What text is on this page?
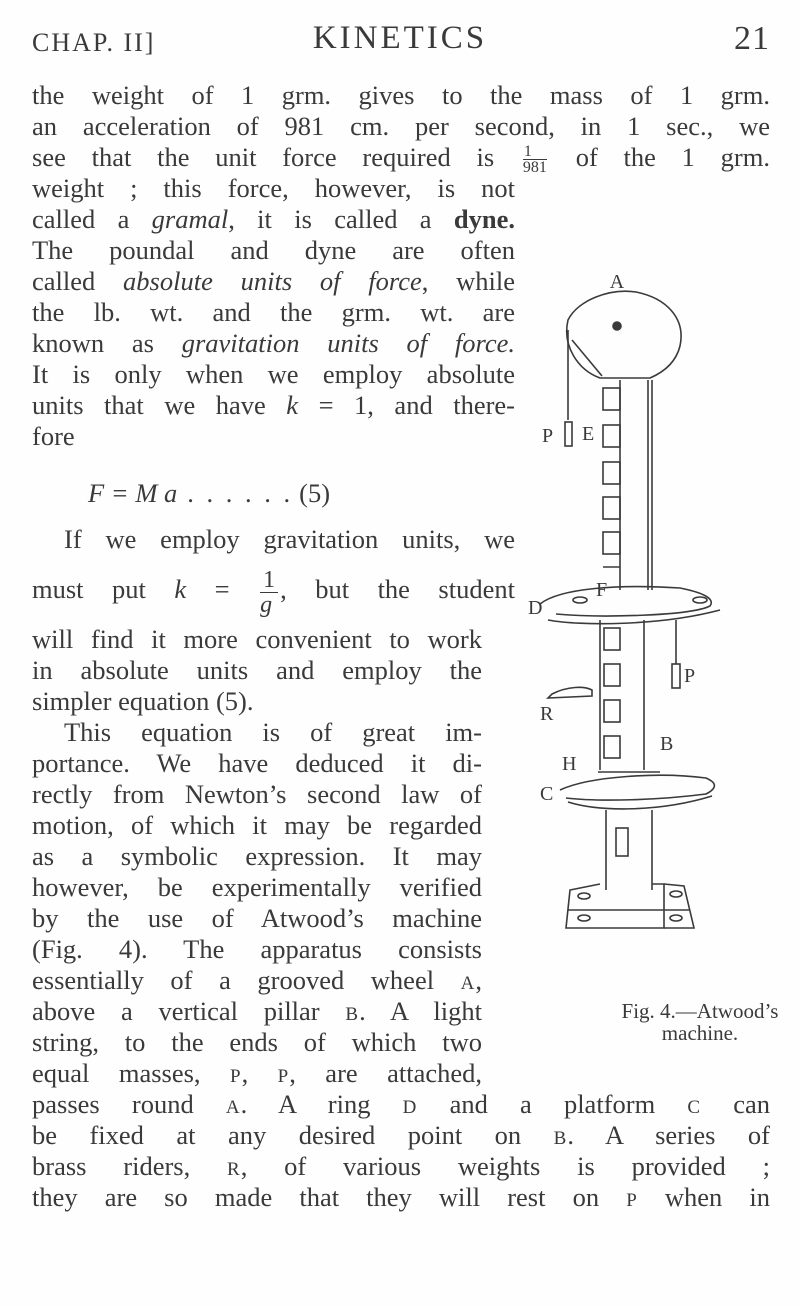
CHAP. II]	KINETICS	21
the weight of 1 grm. gives to the mass of 1 grm.
an acceleration of 981 cm. per second, in 1 sec., we
see that the unit force required is $\frac{1}{981}$ of the 1 grm.
weight ; this force, however, is not
called a gramal, it is called a dyne.
The poundal and dyne are often
called absolute units of force, while
the lb. wt. and the grm. wt. are
known as gravitation units of force.
It is only when we employ absolute
units that we have k = 1, and there-
fore
F = M a . . . . . . (5)
If we employ gravitation units, we
must put $k = \frac{1}{g}$ , but the student
will find it more convenient to work
in absolute units and employ the
simpler equation (5).
This equation is of great im-
portance. We have deduced it di-
rectly from Newton’s second law of
motion, of which it may be regarded
as a symbolic expression. It may
however, be experimentally verified
by the use of Atwood’s machine
(Fig. 4). The apparatus consists
essentially of a grooved wheel A,
above a vertical pillar B. A light
string, to the ends of which two
equal masses, P, P, are attached,
passes round A. A ring D and a platform C can
be fixed at any desired point on B. A series of
brass riders, R, of various weights is provided ;
they are so made that they will rest on P when in
A
P E
D
F
P
R
B
H
C
Fig. 4.—Atwood’s
machine.
